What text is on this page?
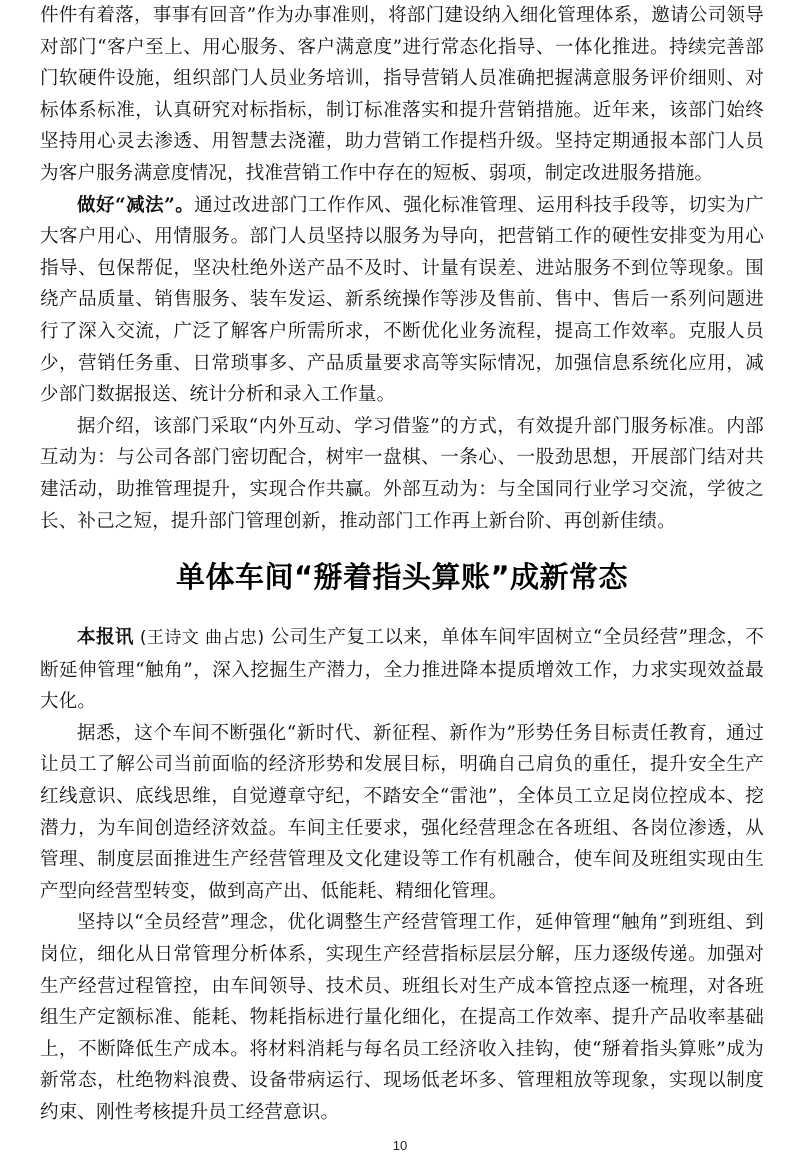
件件有着落，事事有回音”作为办事准则，将部门建设纳入细化管理体系，邀请公司领导对部门“客户至上、用心服务、客户满意度”进行常态化指导、一体化推进。持续完善部门软硬件设施，组织部门人员业务培训，指导营销人员准确把握满意服务评价细则、对标体系标准，认真研究对标指标，制订标准落实和提升营销措施。近年来，该部门始终坚持用心灵去渗透、用智慧去浇灌，助力营销工作提档升级。坚持定期通报本部门人员为客户服务满意度情况，找准营销工作中存在的短板、弱项，制定改进服务措施。

做好“减法”。通过改进部门工作作风、强化标准管理、运用科技手段等，切实为广大客户用心、用情服务。部门人员坚持以服务为导向，把营销工作的硬性安排变为用心指导、包保帮促，坚决杜绝外送产品不及时、计量有误差、进站服务不到位等现象。围绕产品质量、销售服务、装车发运、新系统操作等涉及售前、售中、售后一系列问题进行了深入交流，广泛了解客户所需所求，不断优化业务流程，提高工作效率。克服人员少，营销任务重、日常琐事多、产品质量要求高等实际情况，加强信息系统化应用，减少部门数据报送、统计分析和录入工作量。

据介绍，该部门采取“内外互动、学习借鉴”的方式，有效提升部门服务标准。内部互动为：与公司各部门密切配合，树牢一盘棋、一条心、一股劲思想，开展部门结对共建活动，助推管理提升，实现合作共赢。外部互动为：与全国同行业学习交流，学彼之长、补己之短，提升部门管理创新，推动部门工作再上新台阶、再创新佳绩。

单体车间“掰着指头算账”成新常态

本报讯 (王诗文 曲占忠) 公司生产复工以来，单体车间牢固树立“全员经营”理念，不断延伸管理“触角”，深入挖掘生产潜力，全力推进降本提质增效工作，力求实现效益最大化。

据悉，这个车间不断强化“新时代、新征程、新作为”形势任务目标责任教育，通过让员工了解公司当前面临的经济形势和发展目标，明确自己肩负的重任，提升安全生产红线意识、底线思维，自觉遵章守纪，不踏安全“雷池”，全体员工立足岗位控成本、挖潜力，为车间创造经济效益。车间主任要求，强化经营理念在各班组、各岗位渗透，从管理、制度层面推进生产经营管理及文化建设等工作有机融合，使车间及班组实现由生产型向经营型转变，做到高产出、低能耗、精细化管理。

坚持以“全员经营”理念，优化调整生产经营管理工作，延伸管理“触角”到班组、到岗位，细化从日常管理分析体系，实现生产经营指标层层分解，压力逐级传递。加强对生产经营过程管控，由车间领导、技术员、班组长对生产成本管控点逐一梳理，对各班组生产定额标准、能耗、物耗指标进行量化细化，在提高工作效率、提升产品收率基础上，不断降低生产成本。将材料消耗与每名员工经济收入挂钩，使“掰着指头算账”成为新常态，杜绝物料浪费、设备带病运行、现场低老坏多、管理粗放等现象，实现以制度约束、刚性考核提升员工经营意识。

10
